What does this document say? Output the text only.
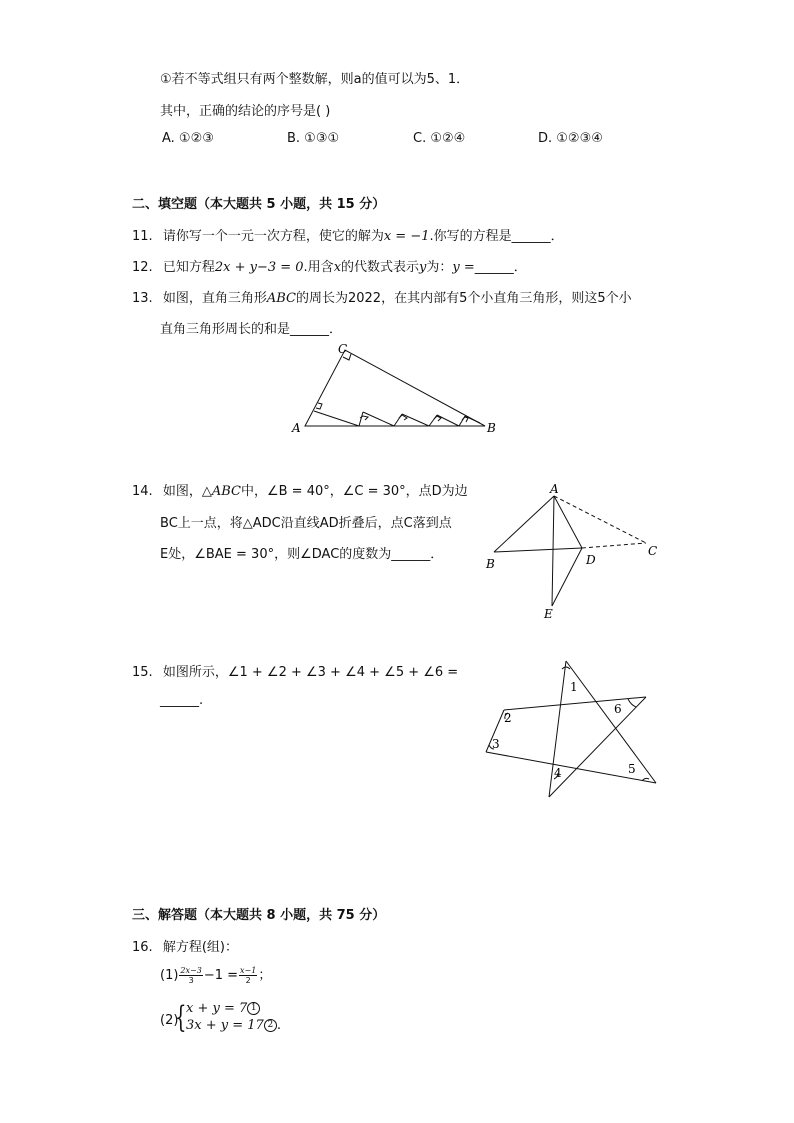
①若不等式组只有两个整数解，则a的值可以为5、1．
其中，正确的结论的序号是( )
A. ①②③	B. ①③①	C. ①②④	D. ①②③④
二、填空题（本大题共 5 小题，共 15 分）
11. 请你写一个一元一次方程，使它的解为x = −1.你写的方程是______．
12. 已知方程2x + y−3 = 0.用含x的代数式表示y为：y =______．
13. 如图，直角三角形ABC的周长为2022，在其内部有5个小直角三角形，则这5个小
直角三角形周长的和是______．
A	B
C
14. 如图，△ABC中，∠B = 40°，∠C = 30°，点D为边
BC上一点，将△ADC沿直线AD折叠后，点C落到点
E处，∠BAE = 30°，则∠DAC的度数为______．
A
B
C
D
E
15. 如图所示，∠1 + ∠2 + ∠3 + ∠4 + ∠5 + ∠6 =
______.
1
2
3
4	5
6
三、解答题（本大题共 8 小题，共 75 分）
16. 解方程(组)：
$(1) \frac{2x-3}{3} -1 = \frac{x-1}{2}$ ；
(2)
{ x + y = 7 1
3x + y = 17 2 .
